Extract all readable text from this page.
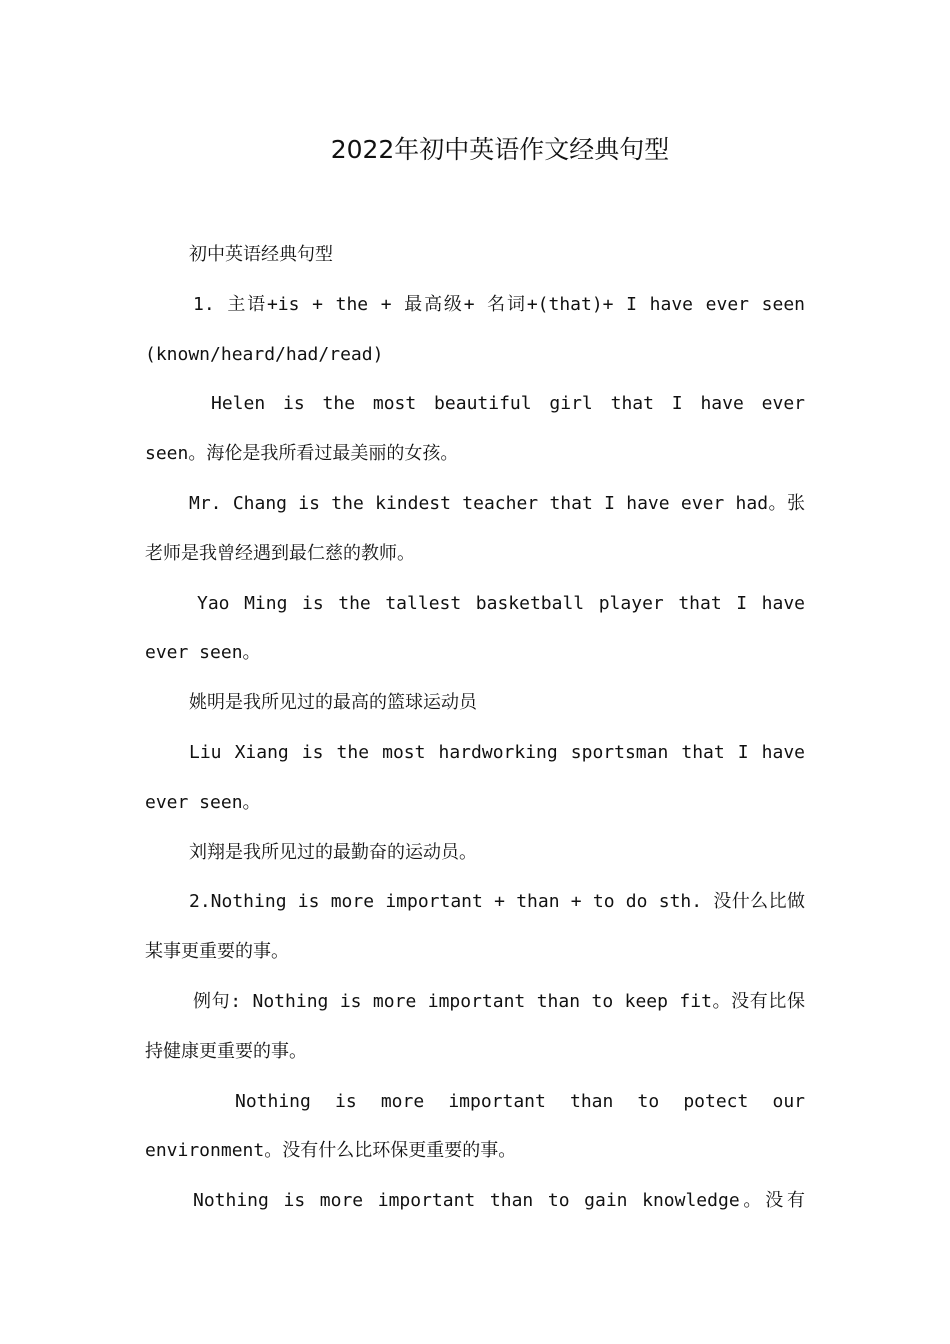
2022年初中英语作文经典句型

初中英语经典句型

1. 主语+is + the + 最高级+ 名词+(that)+ I have ever seen (known/heard/had/read)

Helen is the most beautiful girl that I have ever seen。海伦是我所看过最美丽的女孩。

Mr. Chang is the kindest teacher that I have ever had。张老师是我曾经遇到最仁慈的教师。

Yao Ming is the tallest basketball player that I have ever seen。

姚明是我所见过的最高的篮球运动员

Liu Xiang is the most hardworking sportsman that I have ever seen。

刘翔是我所见过的最勤奋的运动员。

2.Nothing is more important + than + to do sth. 没什么比做某事更重要的事。

例句: Nothing is more important than to keep fit。没有比保持健康更重要的事。

Nothing is more important than to potect our environment。没有什么比环保更重要的事。

Nothing is more important than to gain knowledge。没有
